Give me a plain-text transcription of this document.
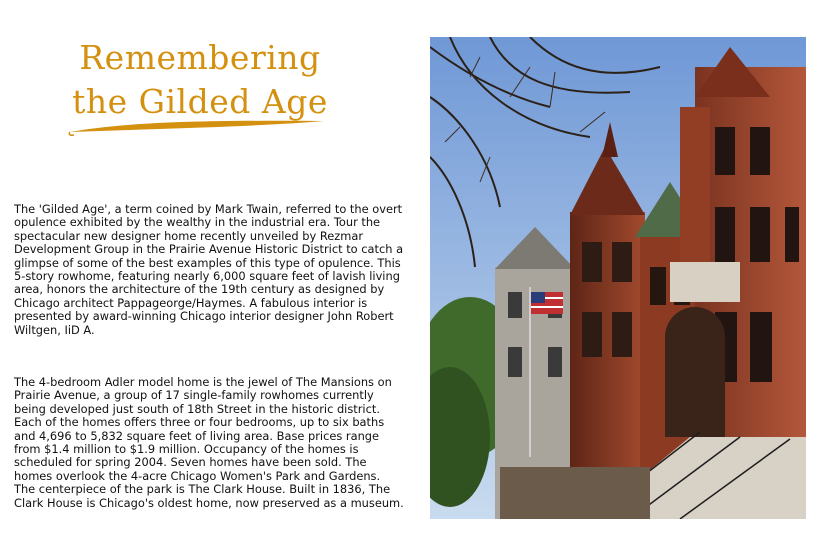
Remembering
the Gilded Age

The 'Gilded Age', a term coined by Mark Twain, referred to the overt opulence exhibited by the wealthy in the industrial era. Tour the spectacular new designer home recently unveiled by Rezmar Development Group in the Prairie Avenue Historic District to catch a glimpse of some of the best examples of this type of opulence. This 5-story rowhome, featuring nearly 6,000 square feet of lavish living area, honors the architecture of the 19th century as designed by Chicago architect Pappageorge/Haymes. A fabulous interior is presented by award-winning Chicago interior designer John Robert Wiltgen, IiD A.

The 4-bedroom Adler model home is the jewel of The Mansions on Prairie Avenue, a group of 17 single-family rowhomes currently being developed just south of 18th Street in the historic district. Each of the homes offers three or four bedrooms, up to six baths and 4,696 to 5,832 square feet of living area. Base prices range from $1.4 million to $1.9 million. Occupancy of the homes is scheduled for spring 2004. Seven homes have been sold. The homes overlook the 4-acre Chicago Women's Park and Gardens. The centerpiece of the park is The Clark House. Built in 1836, The Clark House is Chicago's oldest home, now preserved as a museum.
